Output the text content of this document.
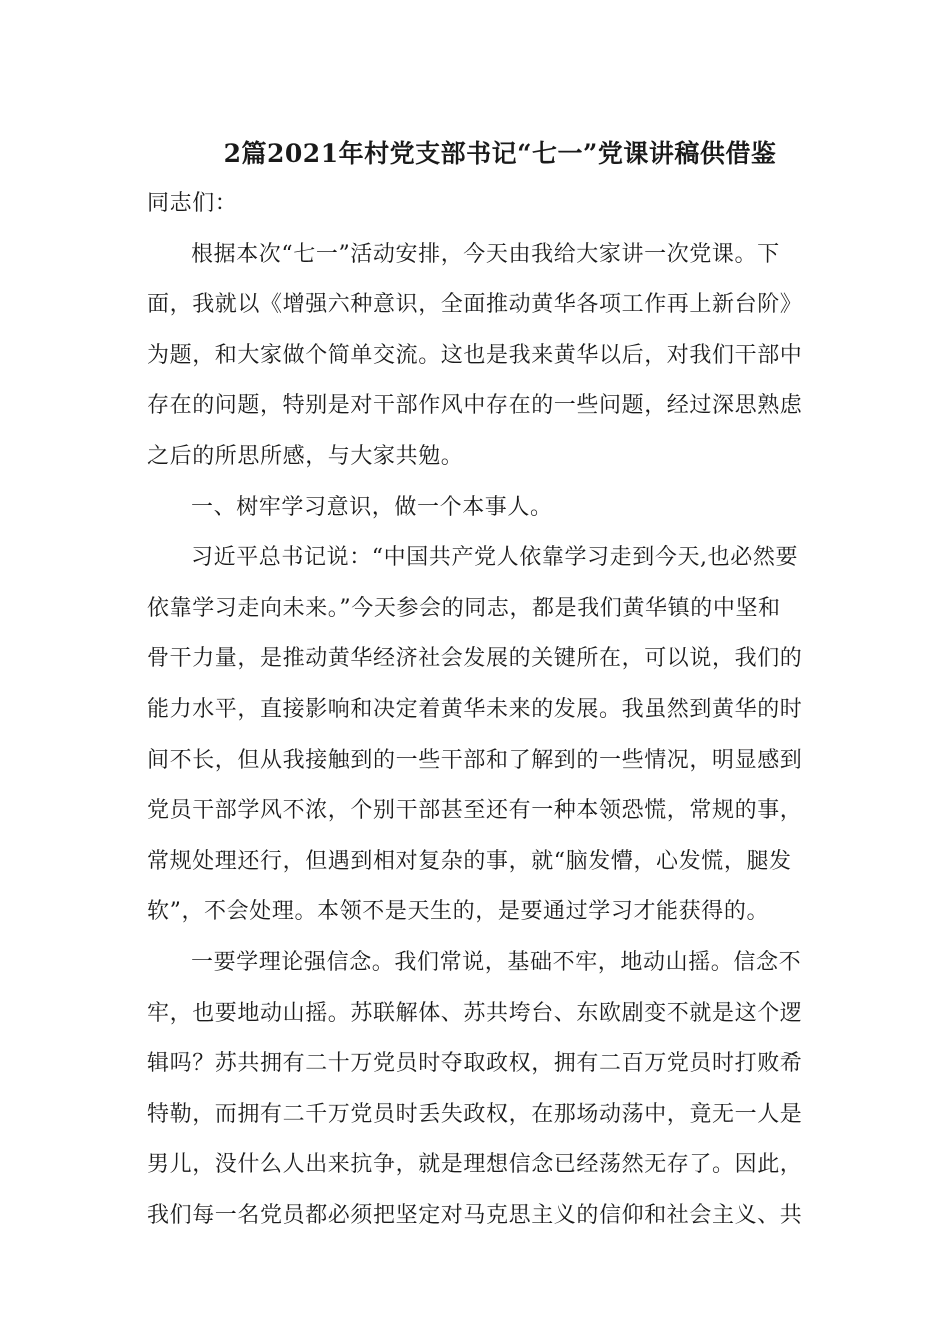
2篇2021年村党支部书记“七一”党课讲稿供借鉴
同志们：
根据本次“七一”活动安排，今天由我给大家讲一次党课。下
面，我就以《增强六种意识，全面推动黄华各项工作再上新台阶》
为题，和大家做个简单交流。这也是我来黄华以后，对我们干部中
存在的问题，特别是对干部作风中存在的一些问题，经过深思熟虑
之后的所思所感，与大家共勉。
一、树牢学习意识，做一个本事人。
习近平总书记说：“中国共产党人依靠学习走到今天,也必然要
依靠学习走向未来。”今天参会的同志，都是我们黄华镇的中坚和
骨干力量，是推动黄华经济社会发展的关键所在，可以说，我们的
能力水平，直接影响和决定着黄华未来的发展。我虽然到黄华的时
间不长，但从我接触到的一些干部和了解到的一些情况，明显感到
党员干部学风不浓，个别干部甚至还有一种本领恐慌，常规的事，
常规处理还行，但遇到相对复杂的事，就“脑发懵，心发慌，腿发
软”，不会处理。本领不是天生的，是要通过学习才能获得的。
一要学理论强信念。我们常说，基础不牢，地动山摇。信念不
牢，也要地动山摇。苏联解体、苏共垮台、东欧剧变不就是这个逻
辑吗？苏共拥有二十万党员时夺取政权，拥有二百万党员时打败希
特勒，而拥有二千万党员时丢失政权，在那场动荡中，竟无一人是
男儿，没什么人出来抗争，就是理想信念已经荡然无存了。因此，
我们每一名党员都必须把坚定对马克思主义的信仰和社会主义、共
